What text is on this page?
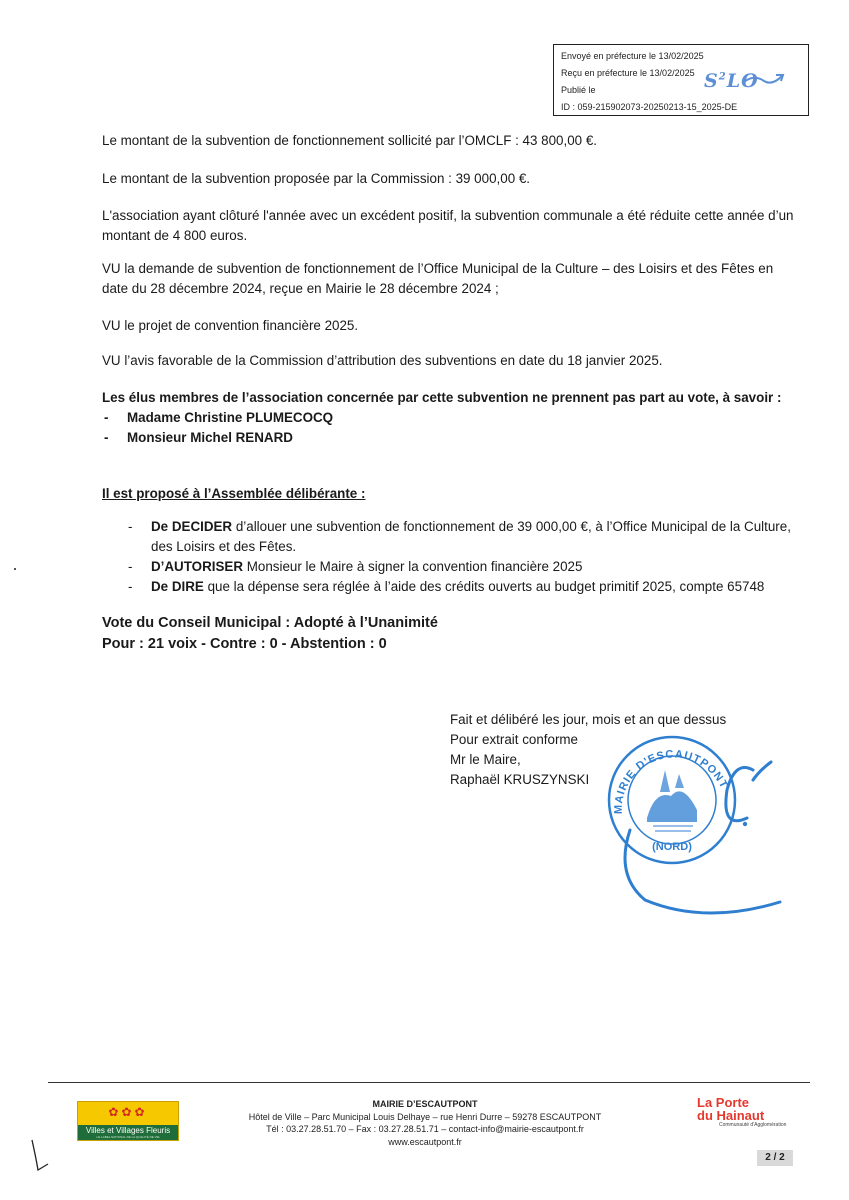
Envoyé en préfecture le 13/02/2025
Reçu en préfecture le 13/02/2025
Publié le
ID : 059-215902073-20250213-15_2025-DE
$S^2LO$

Le montant de la subvention de fonctionnement sollicité par l’OMCLF : 43 800,00 €.

Le montant de la subvention proposée par la Commission : 39 000,00 €.

L'association ayant clôturé l'année avec un excédent positif, la subvention communale a été réduite cette année d’un montant de 4 800 euros.

VU la demande de subvention de fonctionnement de l’Office Municipal de la Culture – des Loisirs et des Fêtes en date du 28 décembre 2024, reçue en Mairie le 28 décembre 2024 ;

VU le projet de convention financière 2025.

VU l’avis favorable de la Commission d’attribution des subventions en date du 18 janvier 2025.

Les élus membres de l’association concernée par cette subvention ne prennent pas part au vote, à savoir :

- Madame Christine PLUMECOCQ
- Monsieur Michel RENARD

Il est proposé à l’Assemblée délibérante :

- De DECIDER d’allouer une subvention de fonctionnement de 39 000,00 €, à l’Office Municipal de la Culture, des Loisirs et des Fêtes.
- D’AUTORISER Monsieur le Maire à signer la convention financière 2025
- De DIRE que la dépense sera réglée à l’aide des crédits ouverts au budget primitif 2025, compte 65748
Vote du Conseil Municipal : Adopté à l’Unanimité
Pour : 21 voix - Contre : 0 - Abstention : 0
Fait et délibéré les jour, mois et an que dessus
Pour extrait conforme
Mr le Maire,
Raphaël KRUSZYNSKI
MAIRIE D'ESCAUTPONT
(NORD)
✿✿✿
Villes et Villages Fleuris
LE LABEL NATIONAL DE LA QUALITÉ DE VIE
MAIRIE D’ESCAUTPONT
Hôtel de Ville – Parc Municipal Louis Delhaye – rue Henri Durre – 59278 ESCAUTPONT
Tél : 03.27.28.51.70 – Fax : 03.27.28.51.71 – contact-info@mairie-escautpont.fr
www.escautpont.fr
La Porte
du Hainaut
Communauté d'Agglomération
2 / 2
